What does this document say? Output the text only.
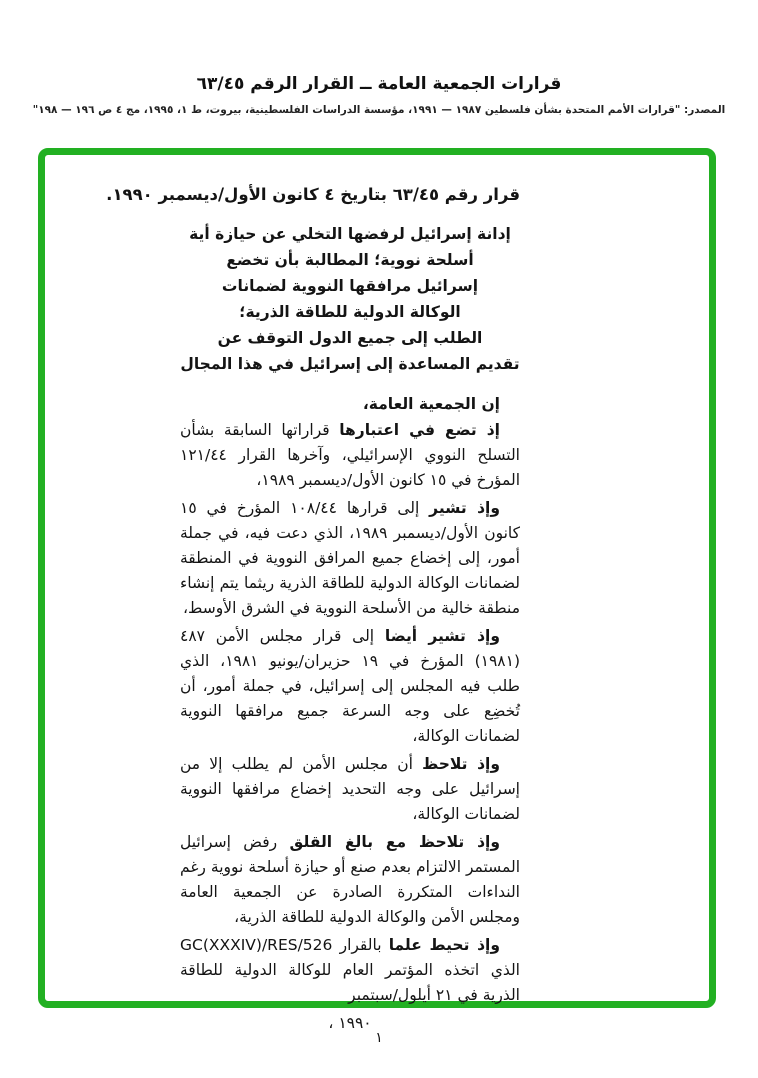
قرارات الجمعية العامة ــ القرار الرقم ٦٣/٤٥
المصدر: "قرارات الأمم المتحدة بشأن فلسطين ١٩٨٧ — ١٩٩١، مؤسسة الدراسات الفلسطينية، بيروت، ط ١، ١٩٩٥، مج ٤ ص ١٩٦ — ١٩٨"
قرار رقم ٦٣/٤٥ بتاريخ ٤ كانون الأول/ديسمبر ١٩٩٠.
إدانة إسرائيل لرفضها التخلي عن حيازة أية
أسلحة نووية؛ المطالبة بأن تخضع
إسرائيل مرافقها النووية لضمانات
الوكالة الدولية للطاقة الذرية؛
الطلب إلى جميع الدول التوقف عن
تقديم المساعدة إلى إسرائيل في هذا المجال
إن الجمعية العامة،

إذ تضع في اعتبارها قراراتها السابقة بشأن التسلح النووي الإسرائيلي، وآخرها القرار ١٢١/٤٤ المؤرخ في ١٥ كانون الأول/ديسمبر ١٩٨٩،

وإذ تشير إلى قرارها ١٠٨/٤٤ المؤرخ في ١٥ كانون الأول/ديسمبر ١٩٨٩، الذي دعت فيه، في جملة أمور، إلى إخضاع جميع المرافق النووية في المنطقة لضمانات الوكالة الدولية للطاقة الذرية ريثما يتم إنشاء منطقة خالية من الأسلحة النووية في الشرق الأوسط،

وإذ تشير أيضا إلى قرار مجلس الأمن ٤٨٧ (١٩٨١) المؤرخ في ١٩ حزيران/يونيو ١٩٨١، الذي طلب فيه المجلس إلى إسرائيل، في جملة أمور، أن تُخضِع على وجه السرعة جميع مرافقها النووية لضمانات الوكالة،

وإذ تلاحظ أن مجلس الأمن لم يطلب إلا من إسرائيل على وجه التحديد إخضاع مرافقها النووية لضمانات الوكالة،

وإذ تلاحظ مع بالغ القلق رفض إسرائيل المستمر الالتزام بعدم صنع أو حيازة أسلحة نووية رغم النداءات المتكررة الصادرة عن الجمعية العامة ومجلس الأمن والوكالة الدولية للطاقة الذرية،

وإذ تحيط علما بالقرار GC(XXXIV)/RES/526 الذي اتخذه المؤتمر العام للوكالة الدولية للطاقة الذرية في ٢١ أيلول/سبتمبر

١٩٩٠ ،
١
